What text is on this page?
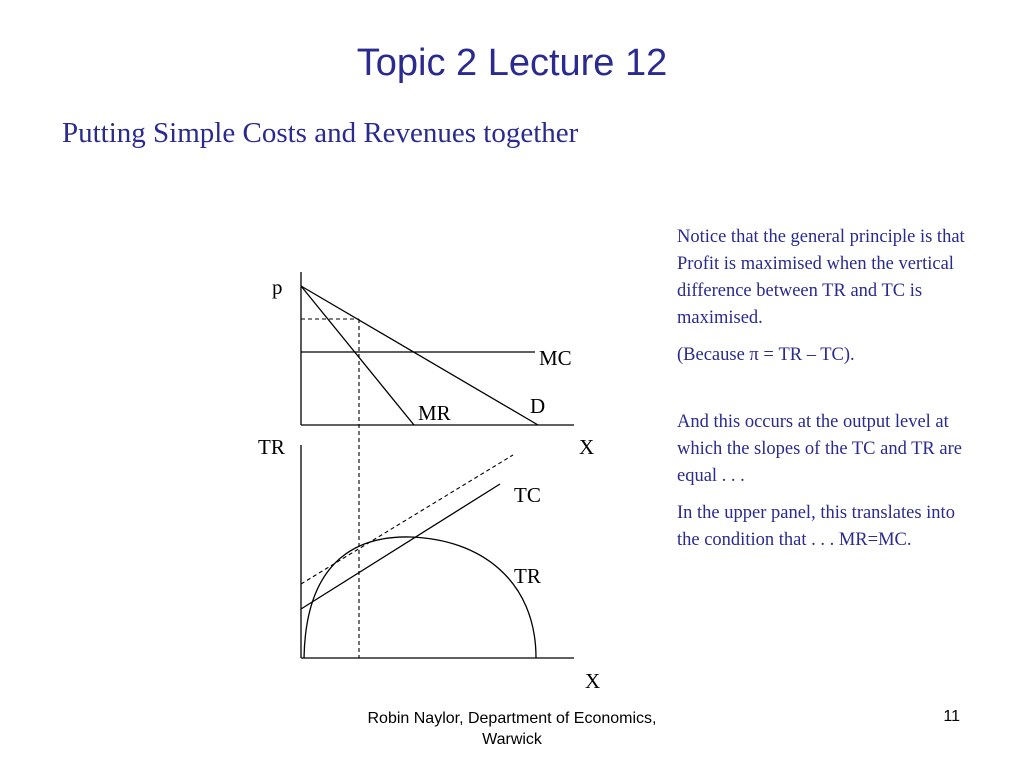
Topic 2 Lecture 12
Putting Simple Costs and Revenues together
p
MC
D
MR
X
TR
TC
TR
X

Notice that the general principle is that Profit is maximised when the vertical difference between TR and TC is maximised.

(Because π = TR – TC).

And this occurs at the output level at which the slopes of the TC and TR are equal . . .

In the upper panel, this translates into the condition that . . . MR=MC.

Robin Naylor, Department of Economics, Warwick
11
